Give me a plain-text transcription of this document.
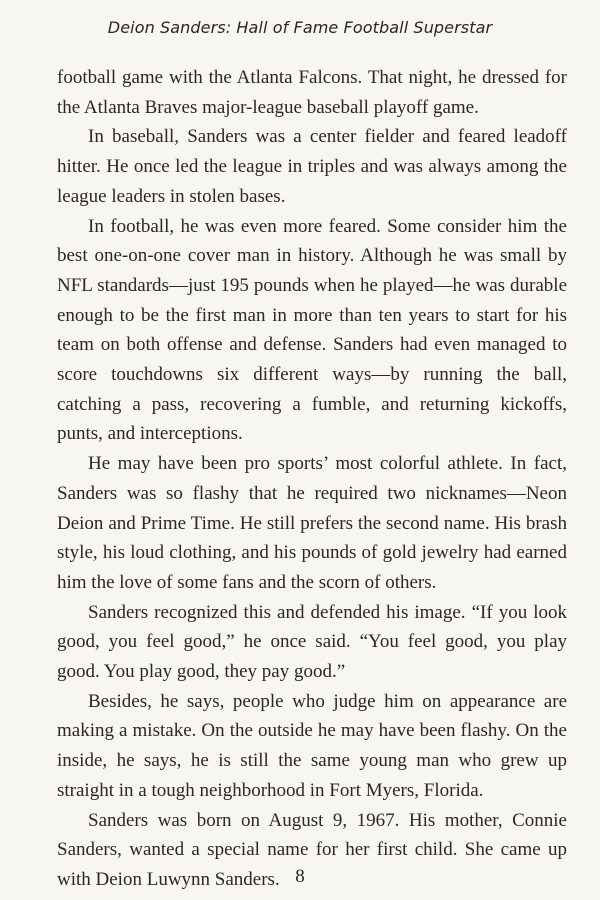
Deion Sanders: Hall of Fame Football Superstar

football game with the Atlanta Falcons. That night, he dressed for the Atlanta Braves major-league baseball playoff game.

In baseball, Sanders was a center fielder and feared leadoff hitter. He once led the league in triples and was always among the league leaders in stolen bases.

In football, he was even more feared. Some consider him the best one-on-one cover man in history. Although he was small by NFL standards—just 195 pounds when he played—he was durable enough to be the first man in more than ten years to start for his team on both offense and defense. Sanders had even managed to score touchdowns six different ways—by running the ball, catching a pass, recovering a fumble, and returning kickoffs, punts, and interceptions.

He may have been pro sports’ most colorful athlete. In fact, Sanders was so flashy that he required two nicknames—Neon Deion and Prime Time. He still prefers the second name. His brash style, his loud clothing, and his pounds of gold jewelry had earned him the love of some fans and the scorn of others.

Sanders recognized this and defended his image. “If you look good, you feel good,” he once said. “You feel good, you play good. You play good, they pay good.”

Besides, he says, people who judge him on appearance are making a mistake. On the outside he may have been flashy. On the inside, he says, he is still the same young man who grew up straight in a tough neighborhood in Fort Myers, Florida.

Sanders was born on August 9, 1967. His mother, Connie Sanders, wanted a special name for her first child. She came up with Deion Luwynn Sanders. 8
